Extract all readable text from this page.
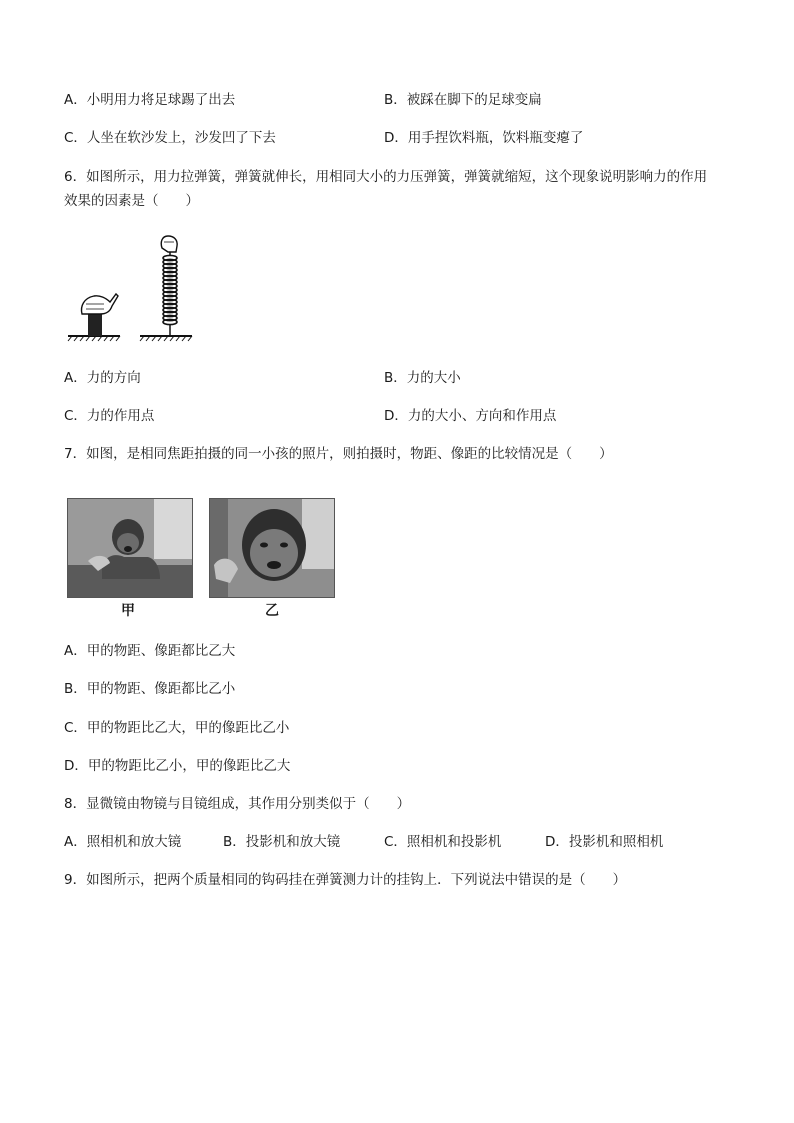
A．小明用力将足球踢了出去	B．被踩在脚下的足球变扁
C．人坐在软沙发上，沙发凹了下去	D．用手捏饮料瓶，饮料瓶变瘪了
6．如图所示，用力拉弹簧，弹簧就伸长，用相同大小的力压弹簧，弹簧就缩短，这个现象说明影响力的作用
效果的因素是（　　）
A．力的方向	B．力的大小
C．力的作用点	D．力的大小、方向和作用点
7．如图，是相同焦距拍摄的同一小孩的照片，则拍摄时，物距、像距的比较情况是（　　）
甲	乙
A．甲的物距、像距都比乙大
B．甲的物距、像距都比乙小
C．甲的物距比乙大，甲的像距比乙小
D．甲的物距比乙小，甲的像距比乙大
8．显微镜由物镜与目镜组成，其作用分别类似于（　　）
A．照相机和放大镜	B．投影机和放大镜	C．照相机和投影机	D．投影机和照相机
9．如图所示，把两个质量相同的钩码挂在弹簧测力计的挂钩上．下列说法中错误的是（　　）
